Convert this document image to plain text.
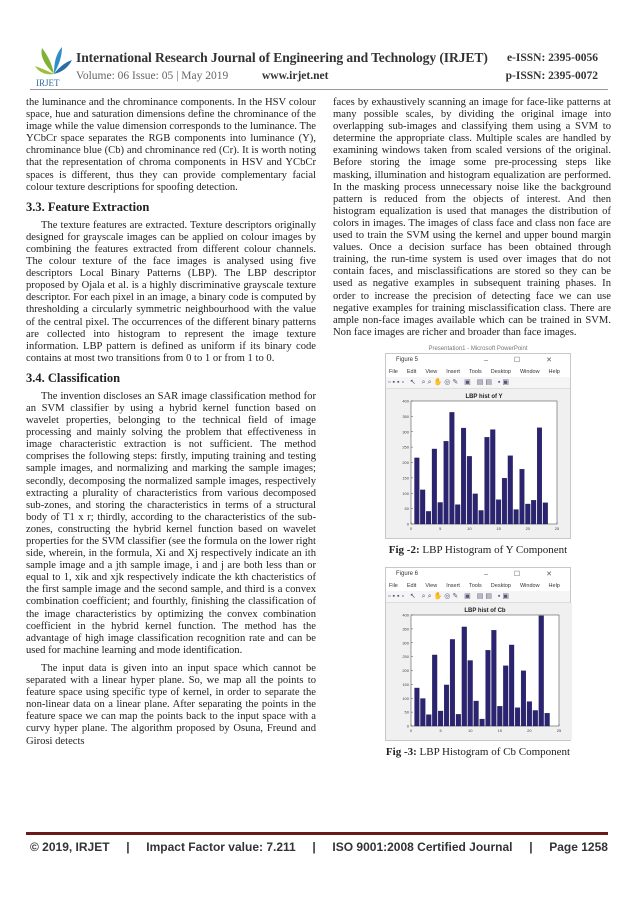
IRJET
International Research Journal of Engineering and Technology (IRJET) e-ISSN: 2395-0056
Volume: 06 Issue: 05 | May 2019	www.irjet.net	p-ISSN: 2395-0072

the luminance and the chrominance components. In the HSV colour space, hue and saturation dimensions define the chrominance of the image while the value dimension corresponds to the luminance. The YCbCr space separates the RGB components into luminance (Y), chrominance blue (Cb) and chrominance red (Cr). It is worth noting that the representation of chroma components in HSV and YCbCr spaces is different, thus they can provide complementary facial colour texture descriptions for spoofing detection.

3.3. Feature Extraction

The texture features are extracted. Texture descriptors originally designed for grayscale images can be applied on colour images by combining the features extracted from different colour channels. The colour texture of the face images is analysed using five descriptors Local Binary Patterns (LBP). The LBP descriptor proposed by Ojala et al. is a highly discriminative grayscale texture descriptor. For each pixel in an image, a binary code is computed by thresholding a circularly symmetric neighbourhood with the value of the central pixel. The occurrences of the different binary patterns are collected into histogram to represent the image texture information. LBP pattern is defined as uniform if its binary code contains at most two transitions from 0 to 1 or from 1 to 0.

3.4. Classification

The invention discloses an SAR image classification method for an SVM classifier by using a hybrid kernel function based on wavelet properties, belonging to the technical field of image processing and mainly solving the problem that effectiveness in image characteristic extraction is not sufficient. The method comprises the following steps: firstly, imputing training and testing sample images, and normalizing and marking the sample images; secondly, decomposing the normalized sample images, respectively extracting a plurality of characteristics from various decomposed sub-zones, and storing the characteristics in terms of a structural body of T1 x r; thirdly, according to the characteristics of the sub-zones, constructing the hybrid kernel function based on wavelet properties for the SVM classifier (see the formula on the lower right side, wherein, in the formula, Xi and Xj respectively indicate an ith sample image and a jth sample image, i and j are both less than or equal to 1, xik and xjk respectively indicate the kth chacteristics of the first sample image and the second sample, and third is a convex combination coefficient; and fourthly, finishing the classification of the image characteristics by optimizing the convex combination coefficient in the hybrid kernel function. The method has the advantage of high image classification recognition rate and can be used for machine learning and mode identification.

The input data is given into an input space which cannot be separated with a linear hyper plane. So, we map all the points to feature space using specific type of kernel, in order to separate the non-linear data on a linear plane. After separating the points in the feature space we can map the points back to the input space with a curvy hyper plane. The algorithm proposed by Osuna, Freund and Girosi detects

faces by exhaustively scanning an image for face-like patterns at many possible scales, by dividing the original image into overlapping sub-images and classifying them using a SVM to determine the appropriate class. Multiple scales are handled by examining windows taken from scaled versions of the original. Before storing the image some pre-processing steps like masking, illumination and histogram equalization are performed. In the masking process unnecessary noise like the background pattern is reduced from the objects of interest. And then histogram equalization is used that manages the distribution of colors in images. The images of class face and class non face are used to train the SVM using the kernel and upper bound margin values. Once a decision surface has been obtained through training, the run-time system is used over images that do not contain faces, and misclassifications are stored so they can be used as negative examples in subsequent training phases. In order to increase the precision of detecting face we can use negative examples for training misclassification class. There are ample non-face images available which can be trained in SVM. Non face images are richer and broader than face images.

Presentation1 - Microsoft PowerPoint
Figure 5	– ☐ ✕
File Edit View Insert Tools Desktop Window Help
▫▪▪▫ ↖ ⌕⌕✋◎✎ ▣ ▤▤ ▪▣
LBP hist of Y
0
50
100
150
200
250
300
350
400
0	5	10	15	20	25
Fig -2: LBP Histogram of Y Component
Figure 6	– ☐ ✕
File Edit View Insert Tools Desktop Window Help
▫▪▪▫ ↖ ⌕⌕✋◎✎ ▣ ▤▤ ▪▣
LBP hist of Cb
0
50
100
150
200
250
300
350
400
0	5	10	15	20	25
Fig -3: LBP Histogram of Cb Component
© 2019, IRJET | Impact Factor value: 7.211 | ISO 9001:2008 Certified Journal | Page 1258
